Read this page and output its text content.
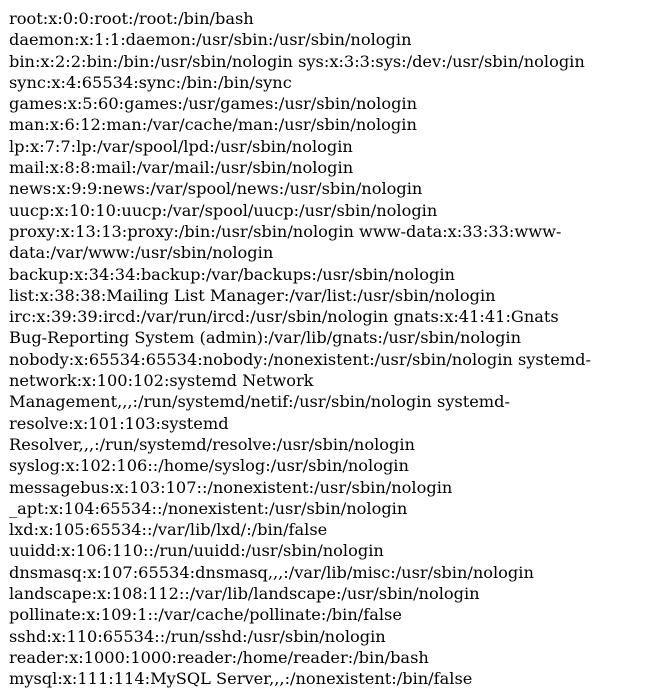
root:x:0:0:root:/root:/bin/bash
daemon:x:1:1:daemon:/usr/sbin:/usr/sbin/nologin
bin:x:2:2:bin:/bin:/usr/sbin/nologin sys:x:3:3:sys:/dev:/usr/sbin/nologin
sync:x:4:65534:sync:/bin:/bin/sync
games:x:5:60:games:/usr/games:/usr/sbin/nologin
man:x:6:12:man:/var/cache/man:/usr/sbin/nologin
lp:x:7:7:lp:/var/spool/lpd:/usr/sbin/nologin
mail:x:8:8:mail:/var/mail:/usr/sbin/nologin
news:x:9:9:news:/var/spool/news:/usr/sbin/nologin
uucp:x:10:10:uucp:/var/spool/uucp:/usr/sbin/nologin
proxy:x:13:13:proxy:/bin:/usr/sbin/nologin www-data:x:33:33:www-
data:/var/www:/usr/sbin/nologin
backup:x:34:34:backup:/var/backups:/usr/sbin/nologin
list:x:38:38:Mailing List Manager:/var/list:/usr/sbin/nologin
irc:x:39:39:ircd:/var/run/ircd:/usr/sbin/nologin gnats:x:41:41:Gnats
Bug-Reporting System (admin):/var/lib/gnats:/usr/sbin/nologin
nobody:x:65534:65534:nobody:/nonexistent:/usr/sbin/nologin systemd-
network:x:100:102:systemd Network
Management,,,:/run/systemd/netif:/usr/sbin/nologin systemd-
resolve:x:101:103:systemd
Resolver,,,:/run/systemd/resolve:/usr/sbin/nologin
syslog:x:102:106::/home/syslog:/usr/sbin/nologin
messagebus:x:103:107::/nonexistent:/usr/sbin/nologin
_apt:x:104:65534::/nonexistent:/usr/sbin/nologin
lxd:x:105:65534::/var/lib/lxd/:/bin/false
uuidd:x:106:110::/run/uuidd:/usr/sbin/nologin
dnsmasq:x:107:65534:dnsmasq,,,:/var/lib/misc:/usr/sbin/nologin
landscape:x:108:112::/var/lib/landscape:/usr/sbin/nologin
pollinate:x:109:1::/var/cache/pollinate:/bin/false
sshd:x:110:65534::/run/sshd:/usr/sbin/nologin
reader:x:1000:1000:reader:/home/reader:/bin/bash
mysql:x:111:114:MySQL Server,,,:/nonexistent:/bin/false
